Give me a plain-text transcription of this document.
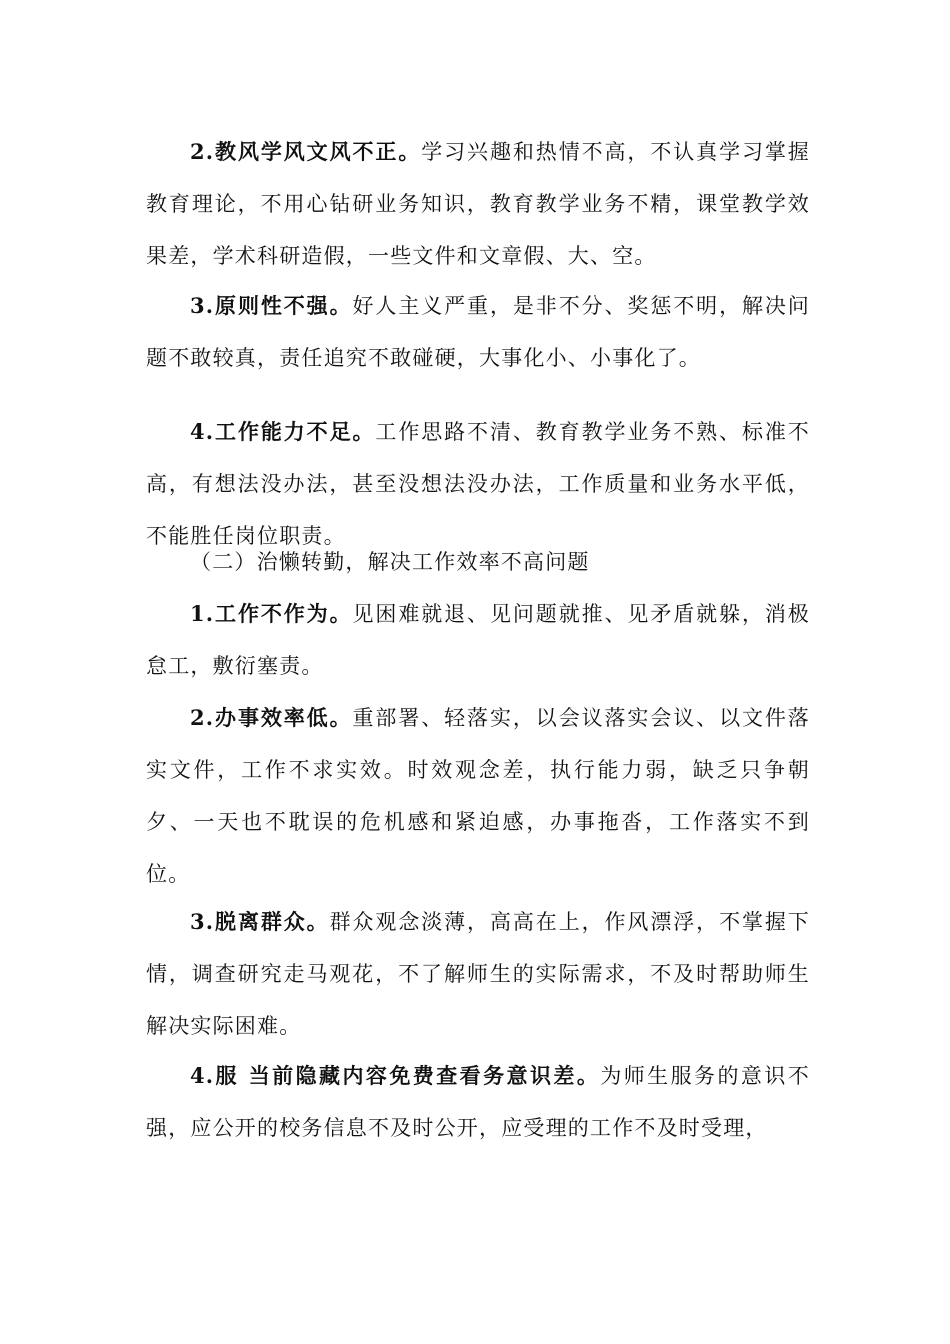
2.教风学风文风不正。学习兴趣和热情不高，不认真学习掌握教育理论，不用心钻研业务知识，教育教学业务不精，课堂教学效果差，学术科研造假，一些文件和文章假、大、空。

3.原则性不强。好人主义严重，是非不分、奖惩不明，解决问题不敢较真，责任追究不敢碰硬，大事化小、小事化了。

4.工作能力不足。工作思路不清、教育教学业务不熟、标准不高，有想法没办法，甚至没想法没办法，工作质量和业务水平低，不能胜任岗位职责。

（二）治懒转勤，解决工作效率不高问题

1.工作不作为。见困难就退、见问题就推、见矛盾就躲，消极怠工，敷衍塞责。

2.办事效率低。重部署、轻落实，以会议落实会议、以文件落实文件，工作不求实效。时效观念差，执行能力弱，缺乏只争朝夕、一天也不耽误的危机感和紧迫感，办事拖沓，工作落实不到位。

3.脱离群众。群众观念淡薄，高高在上，作风漂浮，不掌握下情，调查研究走马观花，不了解师生的实际需求，不及时帮助师生解决实际困难。

4.服 当前隐藏内容免费查看务意识差。为师生服务的意识不强，应公开的校务信息不及时公开，应受理的工作不及时受理，
